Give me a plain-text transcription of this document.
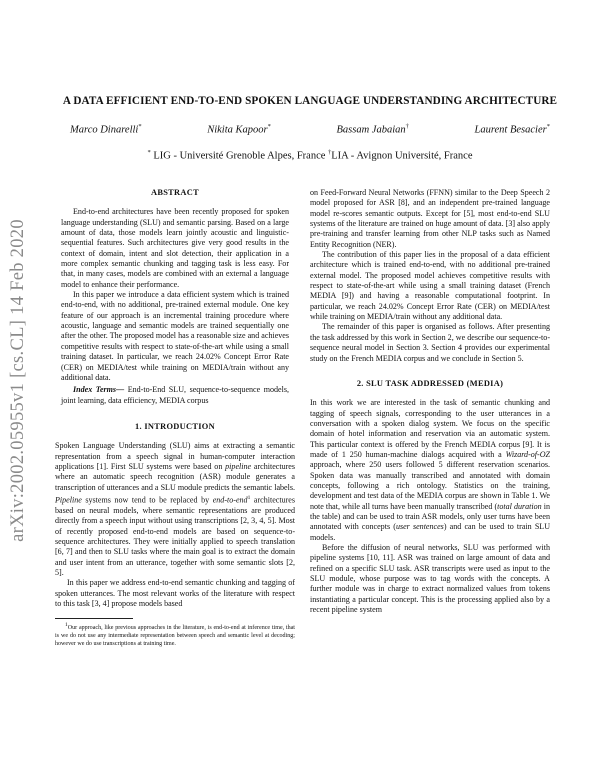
arXiv:2002.05955v1 [cs.CL] 14 Feb 2020
A DATA EFFICIENT END-TO-END SPOKEN LANGUAGE UNDERSTANDING ARCHITECTURE
Marco Dinarelli*	Nikita Kapoor*	Bassam Jabaian†	Laurent Besacier*
* LIG - Université Grenoble Alpes, France †LIA - Avignon Université, France
ABSTRACT

End-to-end architectures have been recently proposed for spoken language understanding (SLU) and semantic parsing. Based on a large amount of data, those models learn jointly acoustic and linguistic-sequential features. Such architectures give very good results in the context of domain, intent and slot detection, their application in a more complex semantic chunking and tagging task is less easy. For that, in many cases, models are combined with an external a language model to enhance their performance.

In this paper we introduce a data efficient system which is trained end-to-end, with no additional, pre-trained external module. One key feature of our approach is an incremental training procedure where acoustic, language and semantic models are trained sequentially one after the other. The proposed model has a reasonable size and achieves competitive results with respect to state-of-the-art while using a small training dataset. In particular, we reach 24.02% Concept Error Rate (CER) on MEDIA/test while training on MEDIA/train without any additional data.

Index Terms— End-to-End SLU, sequence-to-sequence models, joint learning, data efficiency, MEDIA corpus

1. INTRODUCTION

Spoken Language Understanding (SLU) aims at extracting a semantic representation from a speech signal in human-computer interaction applications [1]. First SLU systems were based on pipeline architectures where an automatic speech recognition (ASR) module generates a transcription of utterances and a SLU module predicts the semantic labels. Pipeline systems now tend to be replaced by end-to-end$^1$ architectures based on neural models, where semantic representations are produced directly from a speech input without using transcriptions [2, 3, 4, 5]. Most of recently proposed end-to-end models are based on sequence-to-sequence architectures. They were initially applied to speech translation [6, 7] and then to SLU tasks where the main goal is to extract the domain and user intent from an utterance, together with some semantic slots [2, 5].

In this paper we address end-to-end semantic chunking and tagging of spoken utterances. The most relevant works of the literature with respect to this task [3, 4] propose models based

$^1$Our approach, like previous approaches in the literature, is end-to-end at inference time, that is we do not use any intermediate representation between speech and semantic level at decoding; however we do use transcriptions at training time.

on Feed-Forward Neural Networks (FFNN) similar to the Deep Speech 2 model proposed for ASR [8], and an independent pre-trained language model re-scores semantic outputs. Except for [5], most end-to-end SLU systems of the literature are trained on huge amount of data. [3] also apply pre-training and transfer learning from other NLP tasks such as Named Entity Recognition (NER).

The contribution of this paper lies in the proposal of a data efficient architecture which is trained end-to-end, with no additional pre-trained external model. The proposed model achieves competitive results with respect to state-of-the-art while using a small training dataset (French MEDIA [9]) and having a reasonable computational footprint. In particular, we reach 24.02% Concept Error Rate (CER) on MEDIA/test while training on MEDIA/train without any additional data.

The remainder of this paper is organised as follows. After presenting the task addressed by this work in Section 2, we describe our sequence-to-sequence neural model in Section 3. Section 4 provides our experimental study on the French MEDIA corpus and we conclude in Section 5.

2. SLU TASK ADDRESSED (MEDIA)

In this work we are interested in the task of semantic chunking and tagging of speech signals, corresponding to the user utterances in a conversation with a spoken dialog system. We focus on the specific domain of hotel information and reservation via an automatic system. This particular context is offered by the French MEDIA corpus [9]. It is made of 1 250 human-machine dialogs acquired with a Wizard-of-OZ approach, where 250 users followed 5 different reservation scenarios. Spoken data was manually transcribed and annotated with domain concepts, following a rich ontology. Statistics on the training, development and test data of the MEDIA corpus are shown in Table 1. We note that, while all turns have been manually transcribed (total duration in the table) and can be used to train ASR models, only user turns have been annotated with concepts (user sentences) and can be used to train SLU models.

Before the diffusion of neural networks, SLU was performed with pipeline systems [10, 11]. ASR was trained on large amount of data and refined on a specific SLU task. ASR transcripts were used as input to the SLU module, whose purpose was to tag words with the concepts. A further module was in charge to extract normalized values from tokens instantiating a particular concept. This is the processing applied also by a recent pipeline system
